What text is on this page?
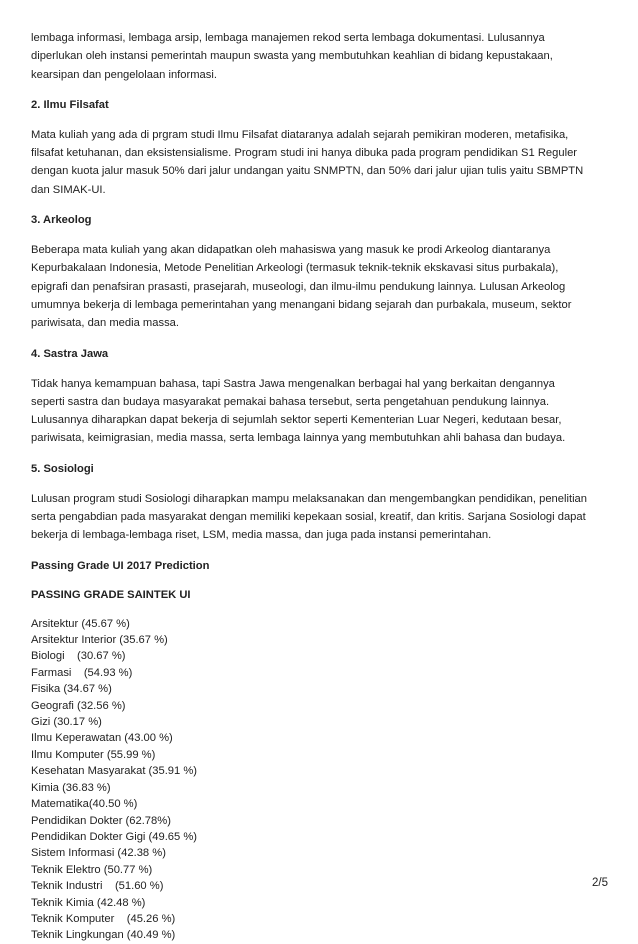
lembaga informasi, lembaga arsip, lembaga manajemen rekod serta lembaga dokumentasi. Lulusannya
diperlukan oleh instansi pemerintah maupun swasta yang membutuhkan keahlian di bidang kepustakaan,
kearsipan dan pengelolaan informasi.

2. Ilmu Filsafat

Mata kuliah yang ada di prgram studi Ilmu Filsafat diataranya adalah sejarah pemikiran moderen, metafisika,
filsafat ketuhanan, dan eksistensialisme. Program studi ini hanya dibuka pada program pendidikan S1 Reguler
dengan kuota jalur masuk 50% dari jalur undangan yaitu SNMPTN, dan 50% dari jalur ujian tulis yaitu SBMPTN
dan SIMAK-UI.

3. Arkeolog

Beberapa mata kuliah yang akan didapatkan oleh mahasiswa yang masuk ke prodi Arkeolog diantaranya
Kepurbakalaan Indonesia, Metode Penelitian Arkeologi (termasuk teknik-teknik ekskavasi situs purbakala),
epigrafi dan penafsiran prasasti, prasejarah, museologi, dan ilmu-ilmu pendukung lainnya. Lulusan Arkeolog
umumnya bekerja di lembaga pemerintahan yang menangani bidang sejarah dan purbakala, museum, sektor
pariwisata, dan media massa.

4. Sastra Jawa

Tidak hanya kemampuan bahasa, tapi Sastra Jawa mengenalkan berbagai hal yang berkaitan dengannya
seperti sastra dan budaya masyarakat pemakai bahasa tersebut, serta pengetahuan pendukung lainnya.
Lulusannya diharapkan dapat bekerja di sejumlah sektor seperti Kementerian Luar Negeri, kedutaan besar,
pariwisata, keimigrasian, media massa, serta lembaga lainnya yang membutuhkan ahli bahasa dan budaya.

5. Sosiologi

Lulusan program studi Sosiologi diharapkan mampu melaksanakan dan mengembangkan pendidikan, penelitian
serta pengabdian pada masyarakat dengan memiliki kepekaan sosial, kreatif, dan kritis. Sarjana Sosiologi dapat
bekerja di lembaga-lembaga riset, LSM, media massa, dan juga pada instansi pemerintahan.

Passing Grade UI 2017 Prediction
PASSING GRADE SAINTEK UI
Arsitektur (45.67 %)
Arsitektur Interior (35.67 %)
Biologi    (30.67 %)
Farmasi    (54.93 %)
Fisika (34.67 %)
Geografi (32.56 %)
Gizi (30.17 %)
Ilmu Keperawatan (43.00 %)
Ilmu Komputer (55.99 %)
Kesehatan Masyarakat (35.91 %)
Kimia (36.83 %)
Matematika(40.50 %)
Pendidikan Dokter (62.78%)
Pendidikan Dokter Gigi (49.65 %)
Sistem Informasi (42.38 %)
Teknik Elektro (50.77 %)
Teknik Industri    (51.60 %)
Teknik Kimia (42.48 %)
Teknik Komputer    (45.26 %)
Teknik Lingkungan (40.49 %)
2/5
